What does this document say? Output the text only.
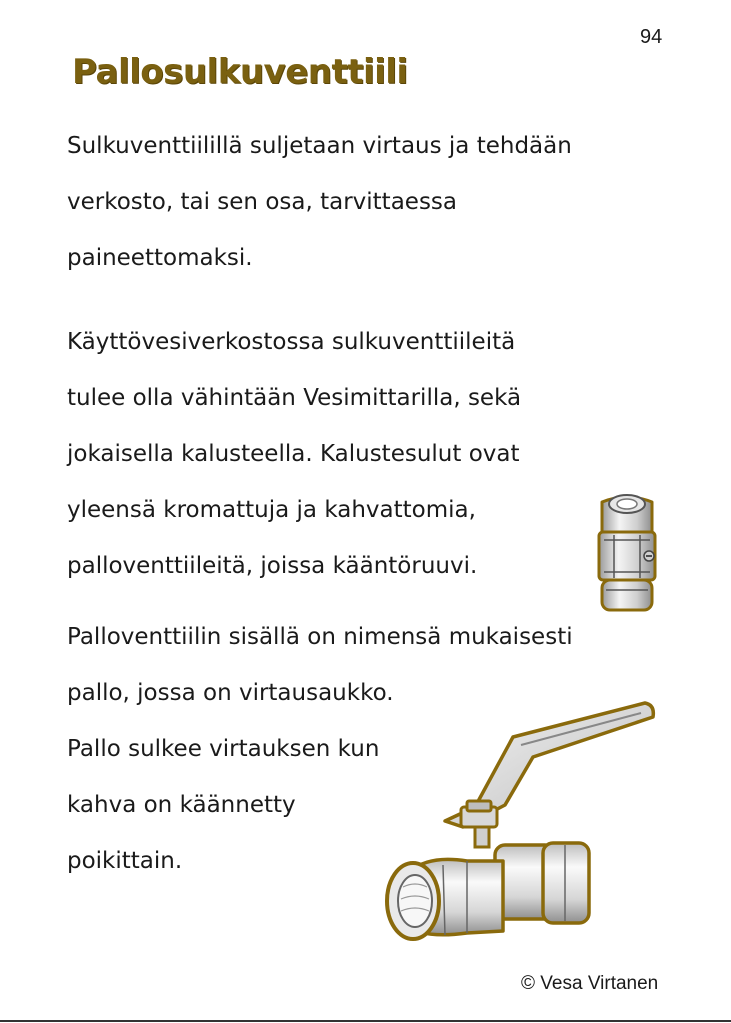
94
Pallosulkuventtiili

Sulkuventtiilillä suljetaan virtaus ja tehdään
verkosto, tai sen osa, tarvittaessa
paineettomaksi.

Käyttövesiverkostossa sulkuventtiileitä
tulee olla vähintään Vesimittarilla, sekä
jokaisella kalusteella. Kalustesulut ovat
yleensä kromattuja ja kahvattomia,
palloventtiileitä, joissa kääntöruuvi.

Palloventtiilin sisällä on nimensä mukaisesti
pallo, jossa on virtausaukko.
Pallo sulkee virtauksen kun
kahva on käännetty
poikittain.

© Vesa Virtanen
